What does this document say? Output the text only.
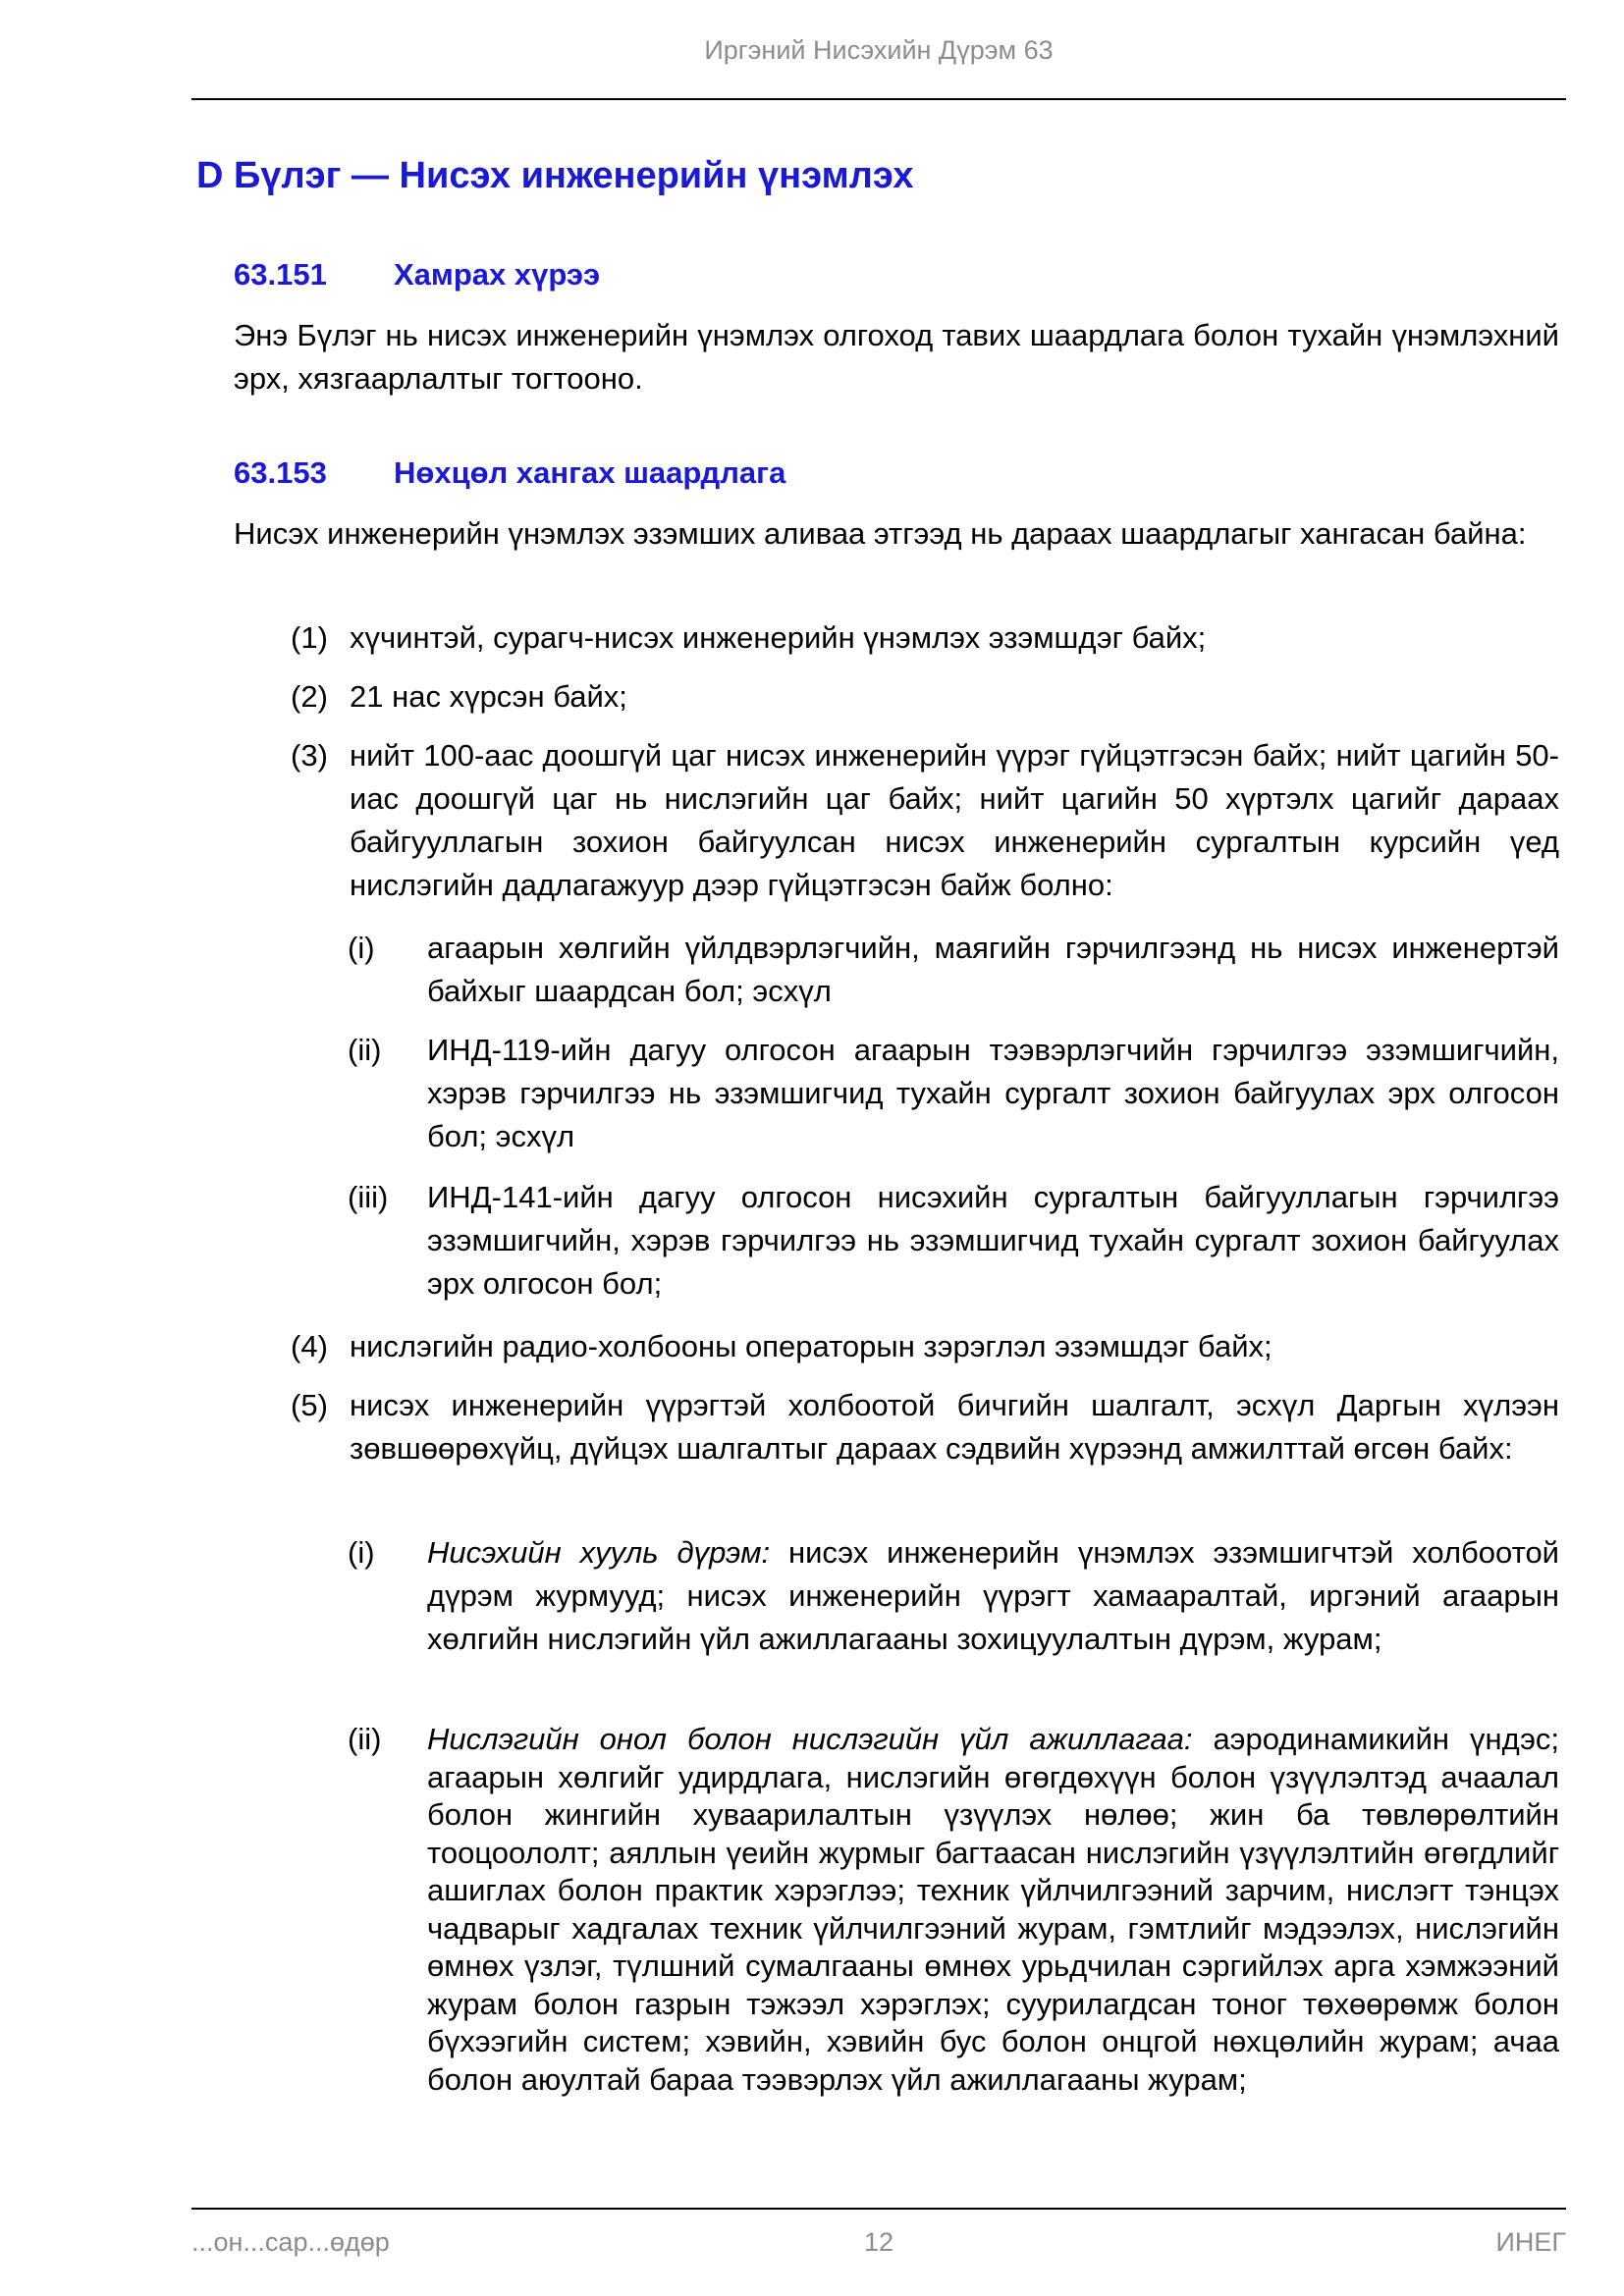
Иргэний Нисэхийн Дүрэм 63
D Бүлэг — Нисэх инженерийн үнэмлэх
63.151 Хамрах хүрээ
Энэ Бүлэг нь нисэх инженерийн үнэмлэх олгоход тавих шаардлага болон тухайн үнэмлэхний эрх, хязгаарлалтыг тогтооно.
63.153 Нөхцөл хангах шаардлага
Нисэх инженерийн үнэмлэх эзэмших аливаа этгээд нь дараах шаардлагыг хангасан байна:
(1) хүчинтэй, сурагч-нисэх инженерийн үнэмлэх эзэмшдэг байх;
(2) 21 нас хүрсэн байх;
(3) нийт 100-аас доошгүй цаг нисэх инженерийн үүрэг гүйцэтгэсэн байх; нийт цагийн 50-иас доошгүй цаг нь нислэгийн цаг байх; нийт цагийн 50 хүртэлх цагийг дараах байгууллагын зохион байгуулсан нисэх инженерийн сургалтын курсийн үед нислэгийн дадлагажуур дээр гүйцэтгэсэн байж болно:
(i) агаарын хөлгийн үйлдвэрлэгчийн, маягийн гэрчилгээнд нь нисэх инженертэй байхыг шаардсан бол; эсхүл
(ii) ИНД-119-ийн дагуу олгосон агаарын тээвэрлэгчийн гэрчилгээ эзэмшигчийн, хэрэв гэрчилгээ нь эзэмшигчид тухайн сургалт зохион байгуулах эрх олгосон бол; эсхүл
(iii) ИНД-141-ийн дагуу олгосон нисэхийн сургалтын байгууллагын гэрчилгээ эзэмшигчийн, хэрэв гэрчилгээ нь эзэмшигчид тухайн сургалт зохион байгуулах эрх олгосон бол;
(4) нислэгийн радио-холбооны операторын зэрэглэл эзэмшдэг байх;
(5) нисэх инженерийн үүрэгтэй холбоотой бичгийн шалгалт, эсхүл Даргын хүлээн зөвшөөрөхүйц, дүйцэх шалгалтыг дараах сэдвийн хүрээнд амжилттай өгсөн байх:
(i) Нисэхийн хууль дүрэм: нисэх инженерийн үнэмлэх эзэмшигчтэй холбоотой дүрэм журмууд; нисэх инженерийн үүрэгт хамааралтай, иргэний агаарын хөлгийн нислэгийн үйл ажиллагааны зохицуулалтын дүрэм, журам;
(ii) Нислэгийн онол болон нислэгийн үйл ажиллагаа: аэродинамикийн үндэс; агаарын хөлгийг удирдлага, нислэгийн өгөгдөхүүн болон үзүүлэлтэд ачаалал болон жингийн хуваарилалтын үзүүлэх нөлөө; жин ба төвлөрөлтийн тооцоололт; аяллын үеийн журмыг багтаасан нислэгийн үзүүлэлтийн өгөгдлийг ашиглах болон практик хэрэглээ; техник үйлчилгээний зарчим, нислэгт тэнцэх чадварыг хадгалах техник үйлчилгээний журам, гэмтлийг мэдээлэх, нислэгийн өмнөх үзлэг, түлшний сумалгааны өмнөх урьдчилан сэргийлэх арга хэмжээний журам болон газрын тэжээл хэрэглэх; суурилагдсан тоног төхөөрөмж болон бүхээгийн систем; хэвийн, хэвийн бус болон онцгой нөхцөлийн журам; ачаа болон аюултай бараа тээвэрлэх үйл ажиллагааны журам;
...он...сар...өдөр	12	ИНЕГ
